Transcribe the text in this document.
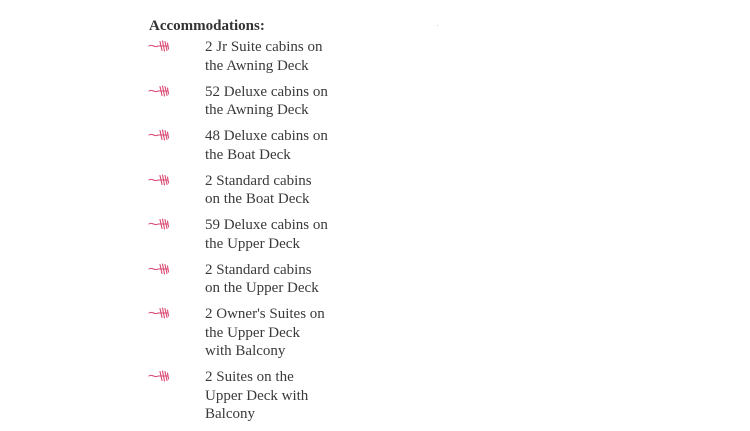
Accommodations:
2 Jr Suite cabins on
the Awning Deck
52 Deluxe cabins on
the Awning Deck
48 Deluxe cabins on
the Boat Deck
2 Standard cabins
on the Boat Deck
59 Deluxe cabins on
the Upper Deck
2 Standard cabins
on the Upper Deck
2 Owner's Suites on
the Upper Deck
with Balcony
2 Suites on the
Upper Deck with
Balcony
